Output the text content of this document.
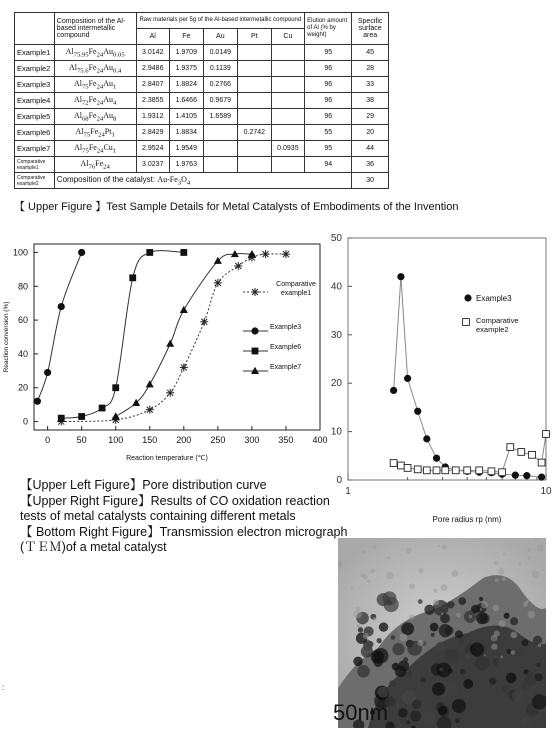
	Composition of the Al-based intermetallic compound	Raw materials per 5g of the Al-based intermetallic compound					Elution amount of Al (% by weight)	Specific surface area
		Al	Fe	Au	Pt	Cu		
Example1	$Al_{75.95}Fe_{24}Au_{0.05}$	3.0142	1.9709	0.0149			95	45
Example2	$Al_{75.6}Fe_{24}Au_{0.4}$	2.9486	1.9375	0.1139			96	28
Example3	$Al_{75}Fe_{24}Au_1$	2.8407	1.8824	0.2766			96	33
Example4	$Al_{72}Fe_{24}Au_4$	2.3855	1.6466	0.9679			96	38
Example5	$Al_{68}Fe_{24}Au_8$	1.9312	1.4105	1.6589			96	29
Example6	$Al_{75}Fe_{24}Pt_1$	2.8429	1.8834		0.2742		55	20
Example7	$Al_{75}Fe_{24}Cu_1$	2.9524	1.9549			0.0935	95	44
Comparative example1	$Al_{76}Fe_{24}$	3.0237	1.9763				94	36
Comparative example2	Composition of the catalyst: $Au-Fe_3O_4$							30
【 Upper Figure 】Test Sample Details for Metal Catalysts of Embodiments of the Invention
0	50 100 150 200 250 300 350 400
0
20
40
60
80
100
Reaction temperature (℃)
Reaction conversion (%)
Comparative
example1
Example3
Example6
Example7
0
10
20
30
40
50
1	10
Pore radius rp (nm)
Example3
Comparative
example2
【Upper Left Figure】Pore distribution curve
【Upper Right Figure】Results of CO oxidation reaction tests of metal catalysts containing different metals
【 Bottom Right Figure】Transmission electron micrograph (ＴＥＭ)of a metal catalyst
50nm
:
